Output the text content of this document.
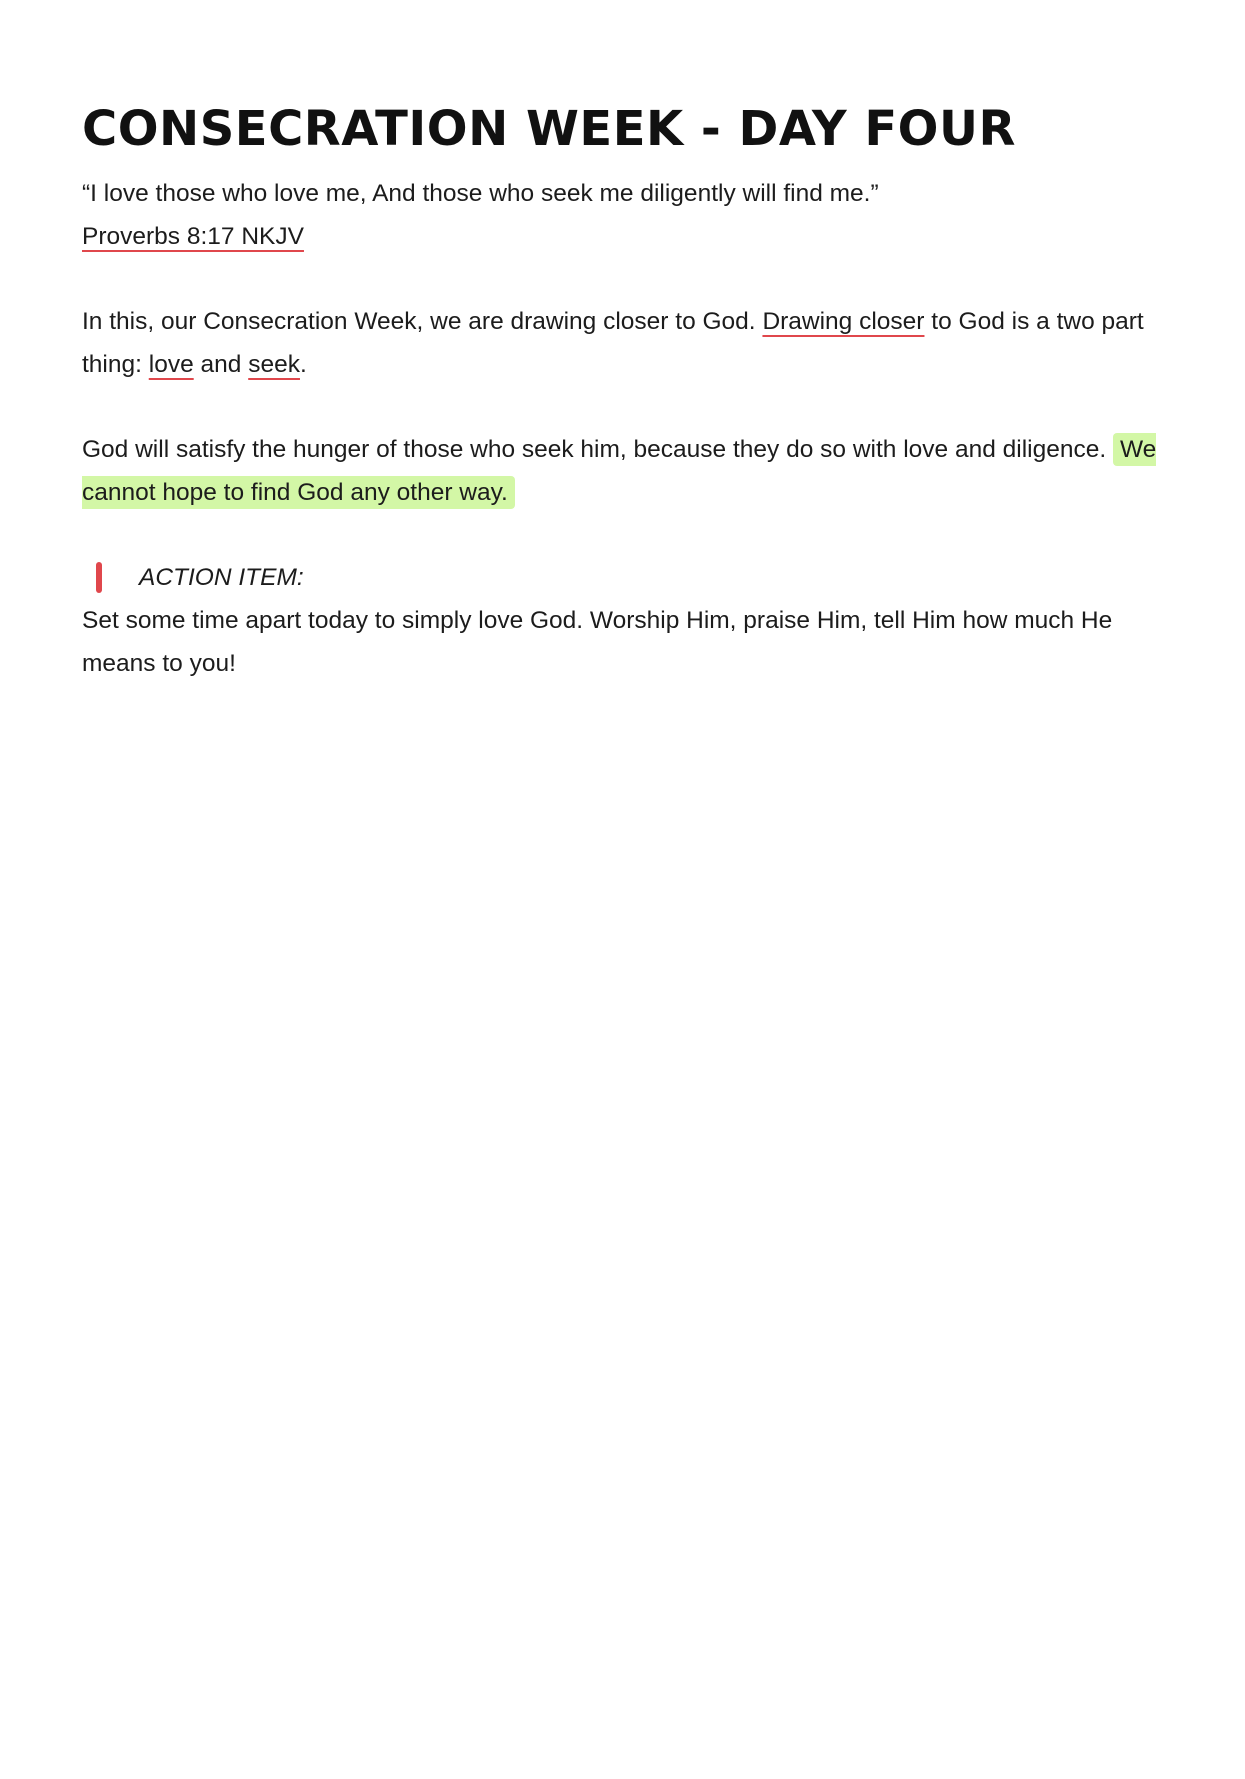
CONSECRATION WEEK - DAY FOUR

“I love those who love me, And those who seek me diligently will find me.”

Proverbs 8:17 NKJV

In this, our Consecration Week, we are drawing closer to God. Drawing closer to God is a two part thing: love and seek.

God will satisfy the hunger of those who seek him, because they do so with love and diligence. We cannot hope to find God any other way.

ACTION ITEM:

Set some time apart today to simply love God. Worship Him, praise Him, tell Him how much He means to you!
